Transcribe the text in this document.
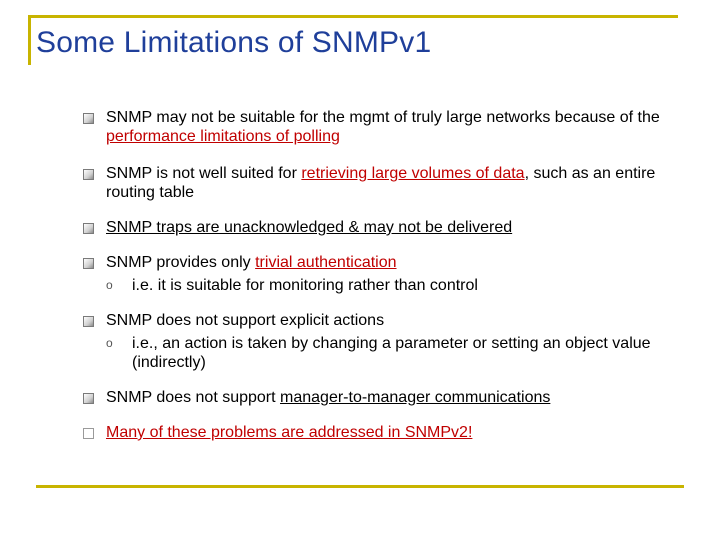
Some Limitations of SNMPv1
SNMP may not be suitable for the mgmt of truly large networks because of the performance limitations of polling
SNMP is not well suited for retrieving large volumes of data, such as an entire routing table
SNMP traps are unacknowledged & may not be delivered
SNMP provides only trivial authentication
o i.e. it is suitable for monitoring rather than control
SNMP does not support explicit actions
o i.e., an action is taken by changing a parameter or setting an object value (indirectly)
SNMP does not support manager-to-manager communications
Many of these problems are addressed in SNMPv2!
